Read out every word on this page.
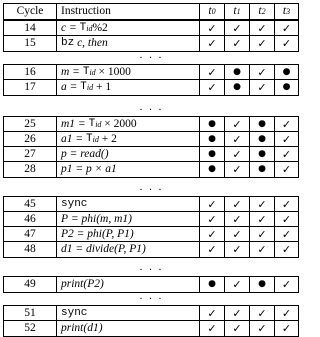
Cycle	Instruction	t 0 t 1 t 2 t 3
14	c = T id %2	✓ ✓ ✓ ✓
15	bz c, then	✓ ✓ ✓ ✓
16	m = T id × 1000	✓ ● ✓ ●
17	a = T id + 1	✓ ● ✓ ●
25	m1 = T id × 2000	● ✓ ● ✓
26	a1 = T id + 2	● ✓ ● ✓
27	p = read()	● ✓ ● ✓
28	p1 = p × a1	● ✓ ● ✓
45	sync	✓ ✓ ✓ ✓
46	P = phi(m, m1)	✓ ✓ ✓ ✓
47	P2 = phi(P, P1)	✓ ✓ ✓ ✓
48	d1 = divide(P, P1)	✓ ✓ ✓ ✓
49	print(P2)	● ✓ ● ✓
51	sync	✓ ✓ ✓ ✓
52	print(d1)	✓ ✓ ✓ ✓
. . .
. . .
. . .
. . .
. . .
